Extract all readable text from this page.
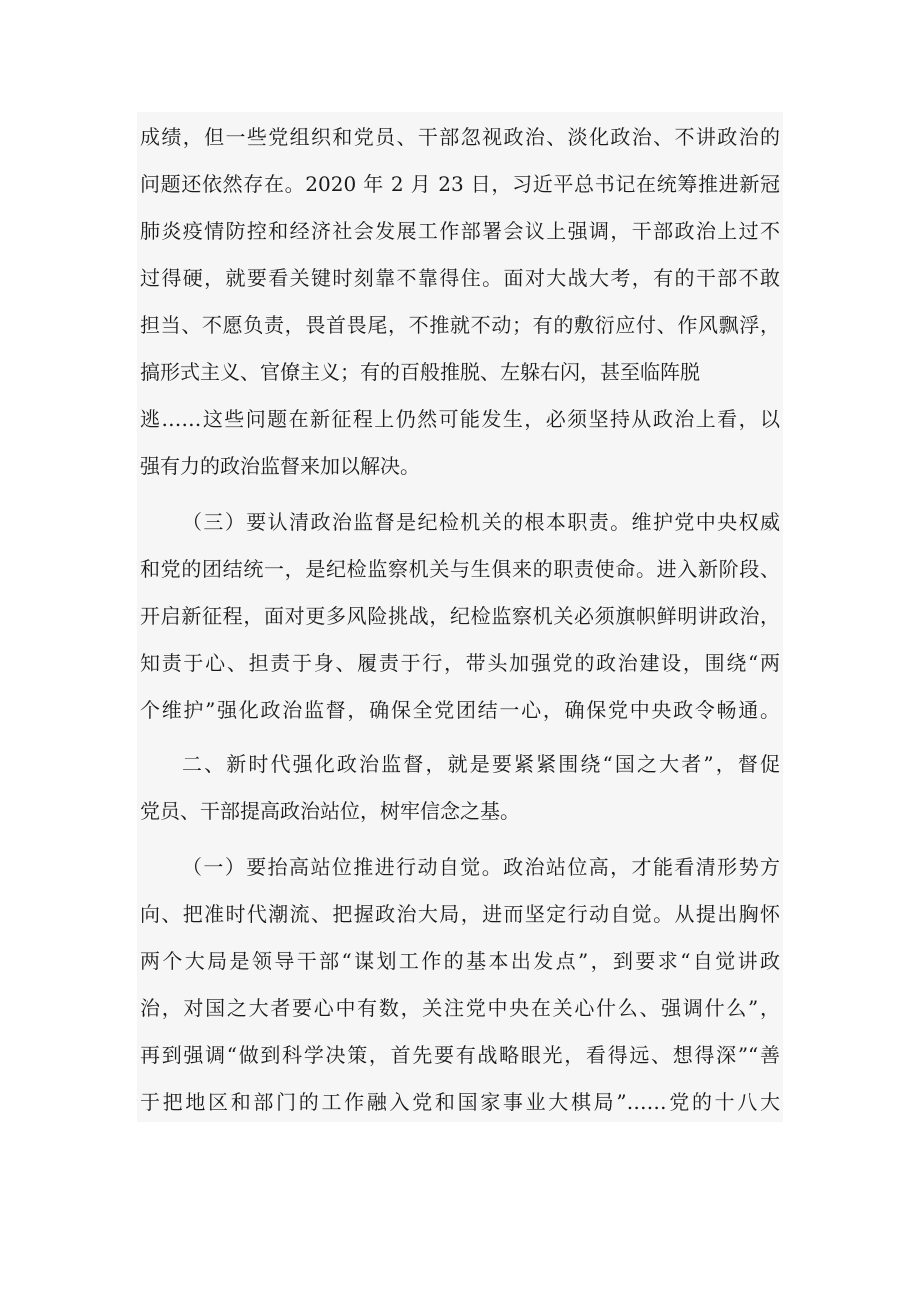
成绩，但一些党组织和党员、干部忽视政治、淡化政治、不讲政治的
问题还依然存在。2020 年 2 月 23 日，习近平总书记在统筹推进新冠
肺炎疫情防控和经济社会发展工作部署会议上强调，干部政治上过不
过得硬，就要看关键时刻靠不靠得住。面对大战大考，有的干部不敢
担当、不愿负责，畏首畏尾，不推就不动；有的敷衍应付、作风飘浮，
搞形式主义、官僚主义；有的百般推脱、左躲右闪，甚至临阵脱
逃……这些问题在新征程上仍然可能发生，必须坚持从政治上看，以
强有力的政治监督来加以解决。
（三）要认清政治监督是纪检机关的根本职责。维护党中央权威
和党的团结统一，是纪检监察机关与生俱来的职责使命。进入新阶段、
开启新征程，面对更多风险挑战，纪检监察机关必须旗帜鲜明讲政治，
知责于心、担责于身、履责于行，带头加强党的政治建设，围绕“两
个维护”强化政治监督，确保全党团结一心，确保党中央政令畅通。
二、新时代强化政治监督，就是要紧紧围绕“国之大者”，督促
党员、干部提高政治站位，树牢信念之基。
（一）要抬高站位推进行动自觉。政治站位高，才能看清形势方
向、把准时代潮流、把握政治大局，进而坚定行动自觉。从提出胸怀
两个大局是领导干部“谋划工作的基本出发点”，到要求“自觉讲政
治，对国之大者要心中有数，关注党中央在关心什么、强调什么”，
再到强调“做到科学决策，首先要有战略眼光，看得远、想得深”“善
于把地区和部门的工作融入党和国家事业大棋局”……党的十八大
